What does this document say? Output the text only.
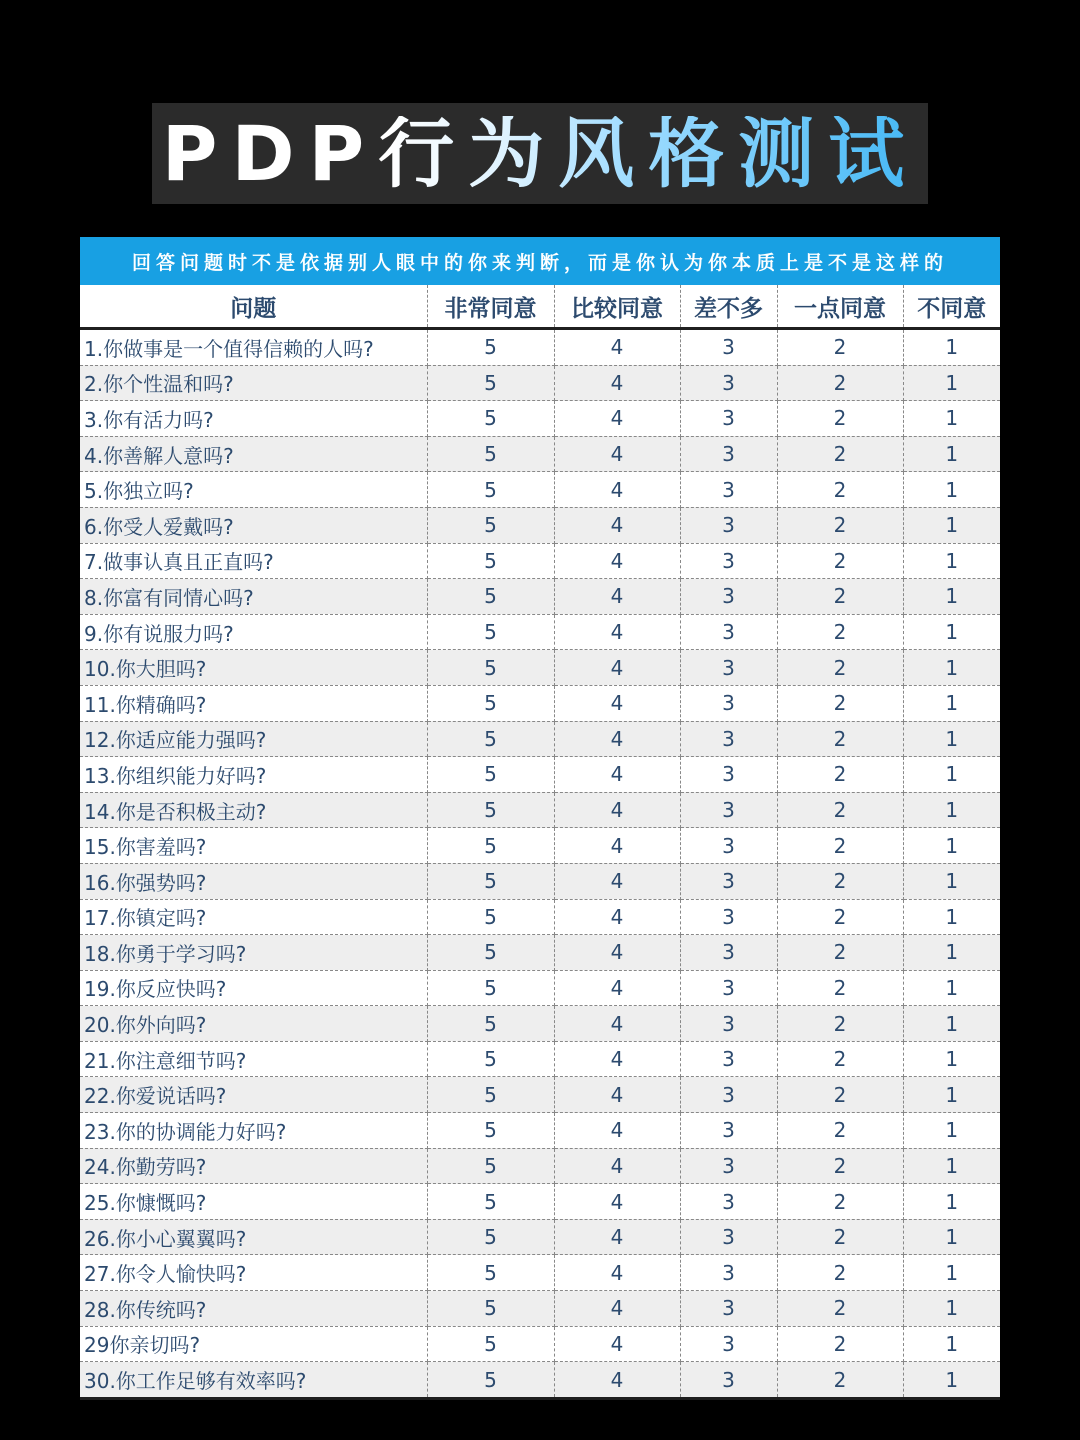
PDP行为风格测试
回答问题时不是依据别人眼中的你来判断，而是你认为你本质上是不是这样的
问题	非常同意	比较同意	差不多	一点同意	不同意
1.你做事是一个值得信赖的人吗?	5	4	3	2	1
2.你个性温和吗?	5	4	3	2	1
3.你有活力吗?	5	4	3	2	1
4.你善解人意吗?	5	4	3	2	1
5.你独立吗?	5	4	3	2	1
6.你受人爱戴吗?	5	4	3	2	1
7.做事认真且正直吗?	5	4	3	2	1
8.你富有同情心吗?	5	4	3	2	1
9.你有说服力吗?	5	4	3	2	1
10.你大胆吗?	5	4	3	2	1
11.你精确吗?	5	4	3	2	1
12.你适应能力强吗?	5	4	3	2	1
13.你组织能力好吗?	5	4	3	2	1
14.你是否积极主动?	5	4	3	2	1
15.你害羞吗?	5	4	3	2	1
16.你强势吗?	5	4	3	2	1
17.你镇定吗?	5	4	3	2	1
18.你勇于学习吗?	5	4	3	2	1
19.你反应快吗?	5	4	3	2	1
20.你外向吗?	5	4	3	2	1
21.你注意细节吗?	5	4	3	2	1
22.你爱说话吗?	5	4	3	2	1
23.你的协调能力好吗?	5	4	3	2	1
24.你勤劳吗?	5	4	3	2	1
25.你慷慨吗?	5	4	3	2	1
26.你小心翼翼吗?	5	4	3	2	1
27.你令人愉快吗?	5	4	3	2	1
28.你传统吗?	5	4	3	2	1
29你亲切吗?	5	4	3	2	1
30.你工作足够有效率吗?	5	4	3	2	1
